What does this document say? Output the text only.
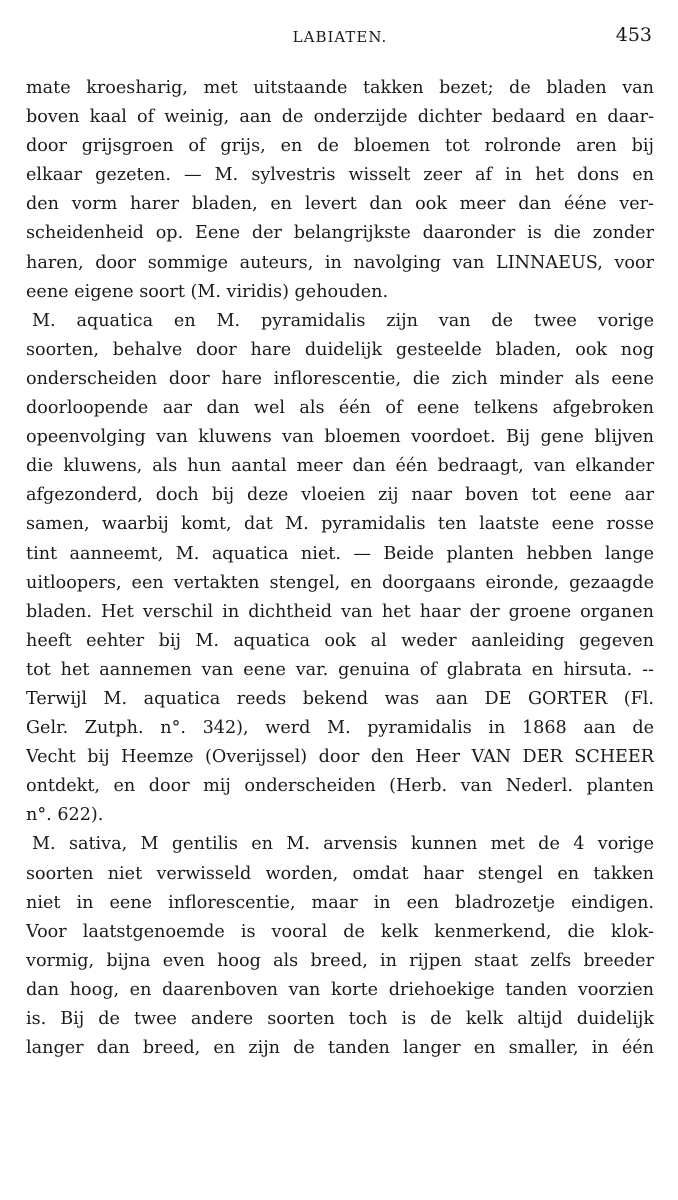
LABIATEN.	453

mate kroesharig, met uitstaande takken bezet; de bladen van
boven kaal of weinig, aan de onderzijde dichter bedaard en daar-
door grijsgroen of grijs, en de bloemen tot rolronde aren bij
elkaar gezeten. — M. sylvestris wisselt zeer af in het dons en
den vorm harer bladen, en levert dan ook meer dan ééne ver-
scheidenheid op. Eene der belangrijkste daaronder is die zonder
haren, door sommige auteurs, in navolging van LINNAEUS, voor
eene eigene soort (M. viridis) gehouden.

M. aquatica en M. pyramidalis zijn van de twee vorige
soorten, behalve door hare duidelijk gesteelde bladen, ook nog
onderscheiden door hare inflorescentie, die zich minder als eene
doorloopende aar dan wel als één of eene telkens afgebroken
opeenvolging van kluwens van bloemen voordoet. Bij gene blijven
die kluwens, als hun aantal meer dan één bedraagt, van elkander
afgezonderd, doch bij deze vloeien zij naar boven tot eene aar
samen, waarbij komt, dat M. pyramidalis ten laatste eene rosse
tint aanneemt, M. aquatica niet. — Beide planten hebben lange
uitloopers, een vertakten stengel, en doorgaans eironde, gezaagde
bladen. Het verschil in dichtheid van het haar der groene organen
heeft eehter bij M. aquatica ook al weder aanleiding gegeven
tot het aannemen van eene var. genuina of glabrata en hirsuta. --
Terwijl M. aquatica reeds bekend was aan DE GORTER (Fl.
Gelr. Zutph. n°. 342), werd M. pyramidalis in 1868 aan de
Vecht bij Heemze (Overijssel) door den Heer VAN DER SCHEER
ontdekt, en door mij onderscheiden (Herb. van Nederl. planten
n°. 622).

M. sativa, M gentilis en M. arvensis kunnen met de 4 vorige
soorten niet verwisseld worden, omdat haar stengel en takken
niet in eene inflorescentie, maar in een bladrozetje eindigen.
Voor laatstgenoemde is vooral de kelk kenmerkend, die klok-
vormig, bijna even hoog als breed, in rijpen staat zelfs breeder
dan hoog, en daarenboven van korte driehoekige tanden voorzien
is. Bij de twee andere soorten toch is de kelk altijd duidelijk
langer dan breed, en zijn de tanden langer en smaller, in één
